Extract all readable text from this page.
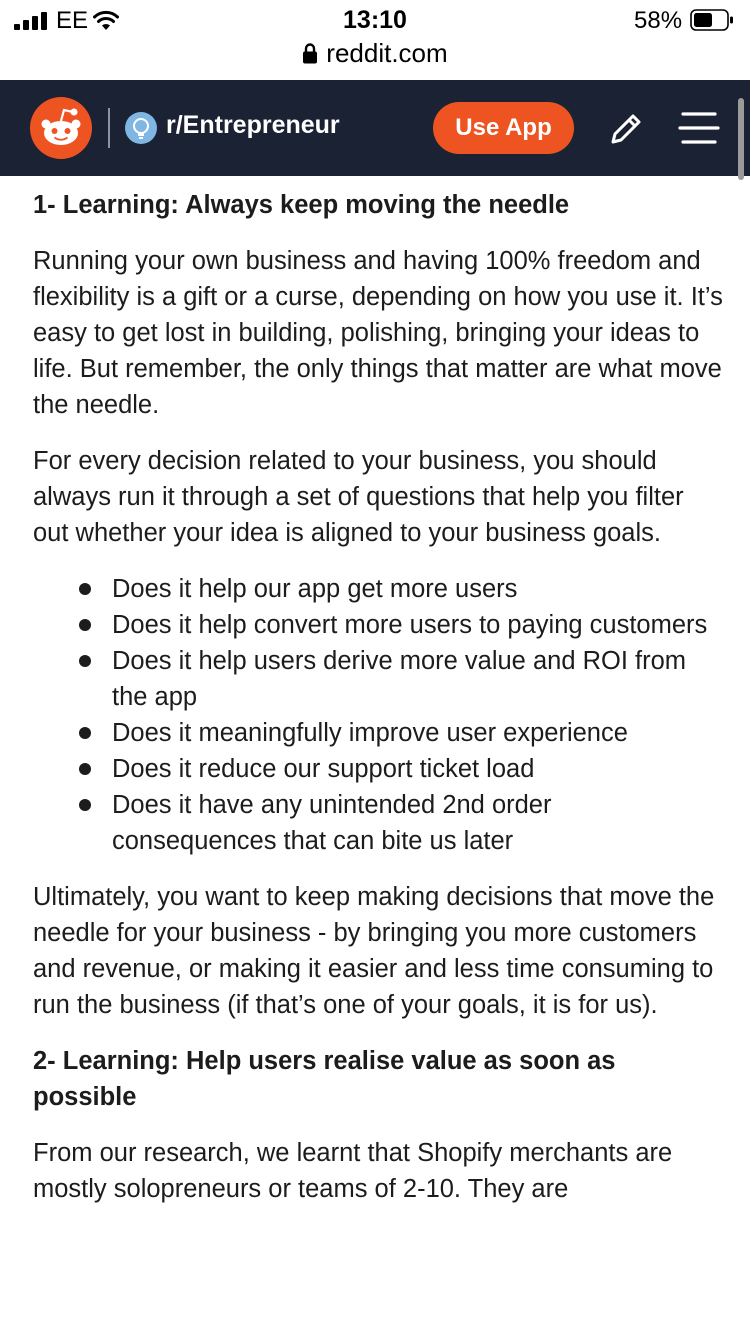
EE	13:10	58%
reddit.com
r/Entrepreneur	Use App
1- Learning: Always keep moving the needle

Running your own business and having 100% freedom and flexibility is a gift or a curse, depending on how you use it. It’s easy to get lost in building, polishing, bringing your ideas to life. But remember, the only things that matter are what move the needle.

For every decision related to your business, you should always run it through a set of questions that help you filter out whether your idea is aligned to your business goals.

Does it help our app get more users
Does it help convert more users to paying customers
Does it help users derive more value and ROI from the app
Does it meaningfully improve user experience
Does it reduce our support ticket load
Does it have any unintended 2nd order consequences that can bite us later

Ultimately, you want to keep making decisions that move the needle for your business - by bringing you more customers and revenue, or making it easier and less time consuming to run the business (if that’s one of your goals, it is for us).

2- Learning: Help users realise value as soon as possible

From our research, we learnt that Shopify merchants are mostly solopreneurs or teams of 2-10. They are
